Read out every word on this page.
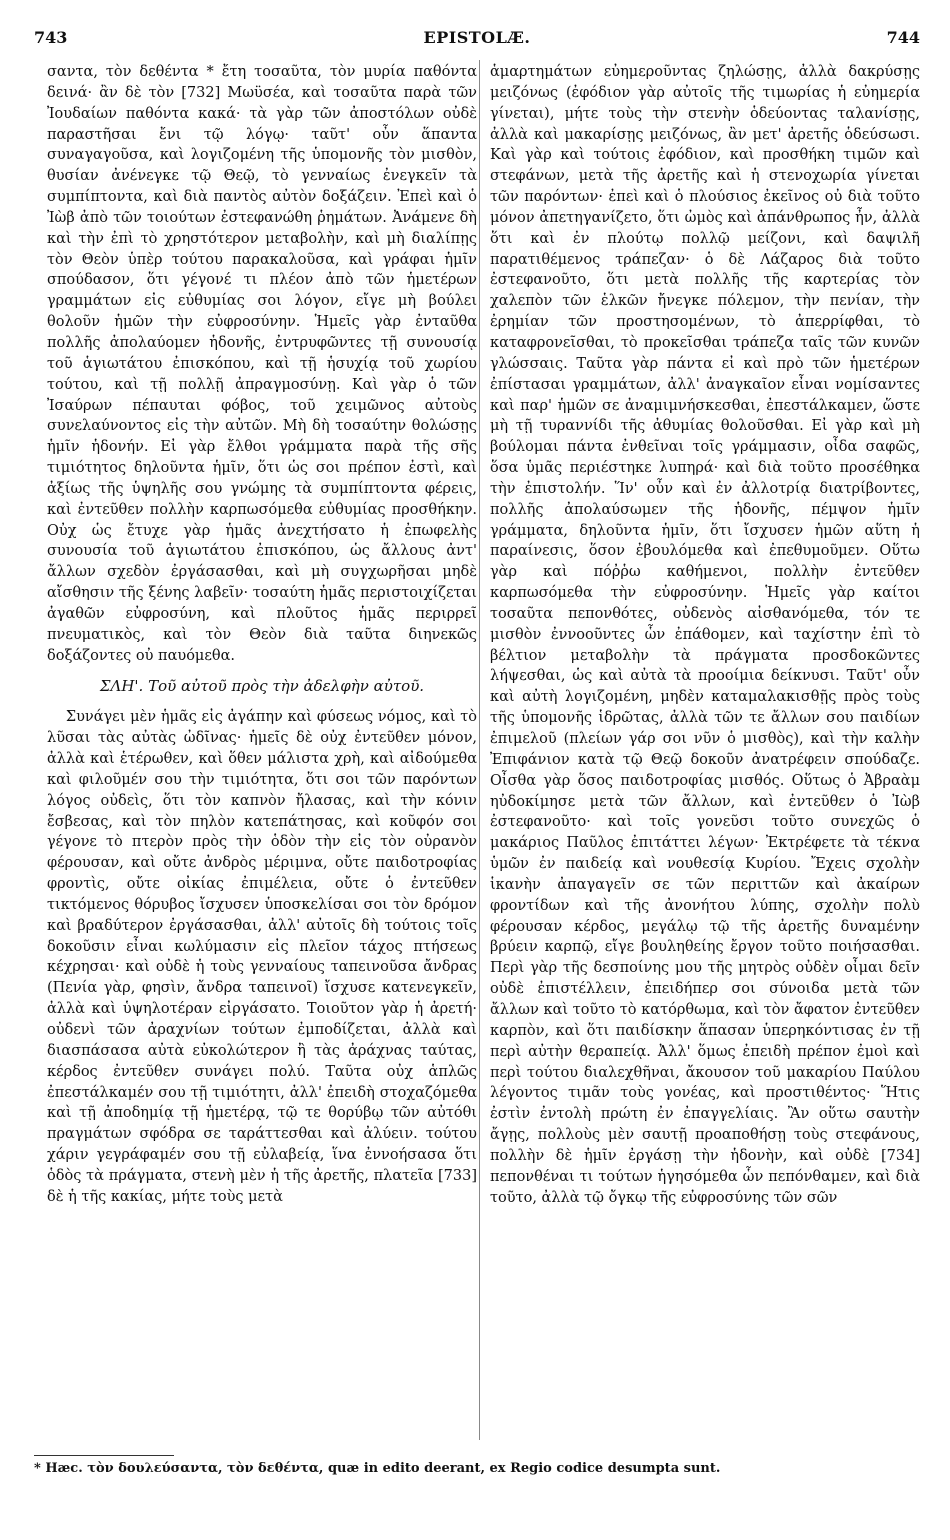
743	EPISTOLÆ.	744

σαντα, τὸν δεθέντα * ἔτη τοσαῦτα, τὸν μυρία παθόντα δεινά· ἂν δὲ τὸν [732] Μωϋσέα, καὶ τοσαῦτα παρὰ τῶν Ἰουδαίων παθόντα κακά· τὰ γὰρ τῶν ἀποστόλων οὐδὲ παραστῆσαι ἔνι τῷ λόγῳ· ταῦτ' οὖν ἅπαντα συναγαγοῦσα, καὶ λογιζομένη τῆς ὑπομονῆς τὸν μισθὸν, θυσίαν ἀνένεγκε τῷ Θεῷ, τὸ γενναίως ἐνεγκεῖν τὰ συμπίπτοντα, καὶ διὰ παντὸς αὐτὸν δοξάζειν. Ἐπεὶ καὶ ὁ Ἰὼβ ἀπὸ τῶν τοιούτων ἐστεφανώθη ῥημάτων. Ἀνάμενε δὴ καὶ τὴν ἐπὶ τὸ χρηστότερον μεταβολὴν, καὶ μὴ διαλίπῃς τὸν Θεὸν ὑπὲρ τούτου παρακαλοῦσα, καὶ γράφαι ἡμῖν σπούδασον, ὅτι γέγονέ τι πλέον ἀπὸ τῶν ἡμετέρων γραμμάτων εἰς εὐθυμίας σοι λόγον, εἴγε μὴ βούλει θολοῦν ἡμῶν τὴν εὐφροσύνην. Ἡμεῖς γὰρ ἐνταῦθα πολλῆς ἀπολαύομεν ἡδονῆς, ἐντρυφῶντες τῇ συνουσίᾳ τοῦ ἁγιωτάτου ἐπισκόπου, καὶ τῇ ἡσυχίᾳ τοῦ χωρίου τούτου, καὶ τῇ πολλῇ ἀπραγμοσύνῃ. Καὶ γὰρ ὁ τῶν Ἰσαύρων πέπαυται φόβος, τοῦ χειμῶνος αὐτοὺς συνελαύνοντος εἰς τὴν αὐτῶν. Μὴ δὴ τοσαύτην θολώσῃς ἡμῖν ἡδονήν. Εἰ γὰρ ἔλθοι γράμματα παρὰ τῆς σῆς τιμιότητος δηλοῦντα ἡμῖν, ὅτι ὡς σοι πρέπον ἐστὶ, καὶ ἀξίως τῆς ὑψηλῆς σου γνώμης τὰ συμπίπτοντα φέρεις, καὶ ἐντεῦθεν πολλὴν καρπωσόμεθα εὐθυμίας προσθήκην. Οὐχ ὡς ἔτυχε γὰρ ἡμᾶς ἀνεχτήσατο ἡ ἐπωφελὴς συνουσία τοῦ ἁγιωτάτου ἐπισκόπου, ὡς ἄλλους ἀντ' ἄλλων σχεδὸν ἐργάσασθαι, καὶ μὴ συγχωρῆσαι μηδὲ αἴσθησιν τῆς ξένης λαβεῖν· τοσαύτη ἡμᾶς περιστοιχίζεται ἀγαθῶν εὐφροσύνη, καὶ πλοῦτος ἡμᾶς περιρρεῖ πνευματικὸς, καὶ τὸν Θεὸν διὰ ταῦτα διηνεκῶς δοξάζοντες οὐ παυόμεθα.

ΣΛΗ'. Τοῦ αὐτοῦ πρὸς τὴν ἀδελφὴν αὐτοῦ.

Συνάγει μὲν ἡμᾶς εἰς ἀγάπην καὶ φύσεως νόμος, καὶ τὸ λῦσαι τὰς αὐτὰς ὠδῖνας· ἡμεῖς δὲ οὐχ ἐντεῦθεν μόνον, ἀλλὰ καὶ ἑτέρωθεν, καὶ ὅθεν μάλιστα χρὴ, καὶ αἰδούμεθα καὶ φιλοῦμέν σου τὴν τιμιότητα, ὅτι σοι τῶν παρόντων λόγος οὐδεὶς, ὅτι τὸν καπνὸν ἤλασας, καὶ τὴν κόνιν ἔσβεσας, καὶ τὸν πηλὸν κατεπάτησας, καὶ κοῦφόν σοι γέγονε τὸ πτερὸν πρὸς τὴν ὁδὸν τὴν εἰς τὸν οὐρανὸν φέρουσαν, καὶ οὔτε ἀνδρὸς μέριμνα, οὔτε παιδοτροφίας φροντὶς, οὔτε οἰκίας ἐπιμέλεια, οὔτε ὁ ἐντεῦθεν τικτόμενος θόρυβος ἴσχυσεν ὑποσκελίσαι σοι τὸν δρόμον καὶ βραδύτερον ἐργάσασθαι, ἀλλ' αὐτοῖς δὴ τούτοις τοῖς δοκοῦσιν εἶναι κωλύμασιν εἰς πλεῖον τάχος πτήσεως κέχρησαι· καὶ οὐδὲ ἡ τοὺς γενναίους ταπεινοῦσα ἄνδρας (Πενία γὰρ, φησὶν, ἄνδρα ταπεινοῖ) ἴσχυσε κατενεγκεῖν, ἀλλὰ καὶ ὑψηλοτέραν εἰργάσατο. Τοιοῦτον γὰρ ἡ ἀρετή· οὐδενὶ τῶν ἀραχνίων τούτων ἐμποδίζεται, ἀλλὰ καὶ διασπάσασα αὐτὰ εὐκολώτερον ἢ τὰς ἀράχνας ταύτας, κέρδος ἐντεῦθεν συνάγει πολύ. Ταῦτα οὐχ ἁπλῶς ἐπεστάλκαμέν σου τῇ τιμιότητι, ἀλλ' ἐπειδὴ στοχαζόμεθα καὶ τῇ ἀποδημίᾳ τῇ ἡμετέρᾳ, τῷ τε θορύβῳ τῶν αὐτόθι πραγμάτων σφόδρα σε ταράττεσθαι καὶ ἀλύειν. τούτου χάριν γεγράφαμέν σου τῇ εὐλαβείᾳ, ἵνα ἐννοήσασα ὅτι ὁδὸς τὰ πράγματα, στενὴ μὲν ἡ τῆς ἀρετῆς, πλατεῖα [733] δὲ ἡ τῆς κακίας, μήτε τοὺς μετὰ

ἁμαρτημάτων εὐημεροῦντας ζηλώσῃς, ἀλλὰ δακρύσῃς μειζόνως (ἐφόδιον γὰρ αὐτοῖς τῆς τιμωρίας ἡ εὐημερία γίνεται), μήτε τοὺς τὴν στενὴν ὁδεύοντας ταλανίσῃς, ἀλλὰ καὶ μακαρίσῃς μειζόνως, ἂν μετ' ἀρετῆς ὁδεύσωσι. Καὶ γὰρ καὶ τούτοις ἐφόδιον, καὶ προσθήκη τιμῶν καὶ στεφάνων, μετὰ τῆς ἀρετῆς καὶ ἡ στενοχωρία γίνεται τῶν παρόντων· ἐπεὶ καὶ ὁ πλούσιος ἐκεῖνος οὐ διὰ τοῦτο μόνον ἀπετηγανίζετο, ὅτι ὠμὸς καὶ ἀπάνθρωπος ἦν, ἀλλὰ ὅτι καὶ ἐν πλούτῳ πολλῷ μείζονι, καὶ δαψιλῆ παρατιθέμενος τράπεζαν· ὁ δὲ Λάζαρος διὰ τοῦτο ἐστεφανοῦτο, ὅτι μετὰ πολλῆς τῆς καρτερίας τὸν χαλεπὸν τῶν ἑλκῶν ἤνεγκε πόλεμον, τὴν πενίαν, τὴν ἐρημίαν τῶν προστησομένων, τὸ ἀπερρίφθαι, τὸ καταφρονεῖσθαι, τὸ προκεῖσθαι τράπεζα ταῖς τῶν κυνῶν γλώσσαις. Ταῦτα γὰρ πάντα εἰ καὶ πρὸ τῶν ἡμετέρων ἐπίστασαι γραμμάτων, ἀλλ' ἀναγκαῖον εἶναι νομίσαντες καὶ παρ' ἡμῶν σε ἀναμιμνήσκεσθαι, ἐπεστάλκαμεν, ὥστε μὴ τῇ τυραννίδι τῆς ἀθυμίας θολοῦσθαι. Εἰ γὰρ καὶ μὴ βούλομαι πάντα ἐνθεῖναι τοῖς γράμμασιν, οἶδα σαφῶς, ὅσα ὑμᾶς περιέστηκε λυπηρά· καὶ διὰ τοῦτο προσέθηκα τὴν ἐπιστολήν. Ἵν' οὖν καὶ ἐν ἀλλοτρίᾳ διατρίβοντες, πολλῆς ἀπολαύσωμεν τῆς ἡδονῆς, πέμψον ἡμῖν γράμματα, δηλοῦντα ἡμῖν, ὅτι ἴσχυσεν ἡμῶν αὕτη ἡ παραίνεσις, ὅσον ἐβουλόμεθα καὶ ἐπεθυμοῦμεν. Οὕτω γὰρ καὶ πόῤῥω καθήμενοι, πολλὴν ἐντεῦθεν καρπωσόμεθα τὴν εὐφροσύνην. Ἡμεῖς γὰρ καίτοι τοσαῦτα πεπονθότες, οὐδενὸς αἰσθανόμεθα, τόν τε μισθὸν ἐννοοῦντες ὧν ἐπάθομεν, καὶ ταχίστην ἐπὶ τὸ βέλτιον μεταβολὴν τὰ πράγματα προσδοκῶντες λήψεσθαι, ὡς καὶ αὐτὰ τὰ προοίμια δείκνυσι. Ταῦτ' οὖν καὶ αὐτὴ λογιζομένη, μηδὲν καταμαλακισθῇς πρὸς τοὺς τῆς ὑπομονῆς ἱδρῶτας, ἀλλὰ τῶν τε ἄλλων σου παιδίων ἐπιμελοῦ (πλείων γάρ σοι νῦν ὁ μισθὸς), καὶ τὴν καλὴν Ἐπιφάνιον κατὰ τῷ Θεῷ δοκοῦν ἀνατρέφειν σπούδαζε. Οἶσθα γὰρ ὅσος παιδοτροφίας μισθός. Οὕτως ὁ Ἀβραὰμ ηὐδοκίμησε μετὰ τῶν ἄλλων, καὶ ἐντεῦθεν ὁ Ἰὼβ ἐστεφανοῦτο· καὶ τοῖς γονεῦσι τοῦτο συνεχῶς ὁ μακάριος Παῦλος ἐπιτάττει λέγων· Ἐκτρέφετε τὰ τέκνα ὑμῶν ἐν παιδείᾳ καὶ νουθεσίᾳ Κυρίου. Ἔχεις σχολὴν ἱκανὴν ἀπαγαγεῖν σε τῶν περιττῶν καὶ ἀκαίρων φροντίδων καὶ τῆς ἀνονήτου λύπης, σχολὴν πολὺ φέρουσαν κέρδος, μεγάλῳ τῷ τῆς ἀρετῆς δυναμένην βρύειν καρπῷ, εἴγε βουληθείης ἔργον τοῦτο ποιήσασθαι. Περὶ γὰρ τῆς δεσποίνης μου τῆς μητρὸς οὐδὲν οἶμαι δεῖν οὐδὲ ἐπιστέλλειν, ἐπειδήπερ σοι σύνοιδα μετὰ τῶν ἄλλων καὶ τοῦτο τὸ κατόρθωμα, καὶ τὸν ἄφατον ἐντεῦθεν καρπὸν, καὶ ὅτι παιδίσκην ἅπασαν ὑπερηκόντισας ἐν τῇ περὶ αὐτὴν θεραπείᾳ. Ἀλλ' ὅμως ἐπειδὴ πρέπον ἐμοὶ καὶ περὶ τούτου διαλεχθῆναι, ἄκουσον τοῦ μακαρίου Παύλου λέγοντος τιμᾶν τοὺς γονέας, καὶ προστιθέντος· Ἥτις ἐστὶν ἐντολὴ πρώτη ἐν ἐπαγγελίαις. Ἂν οὕτω σαυτὴν ἄγῃς, πολλοὺς μὲν σαυτῇ προαποθήσῃ τοὺς στεφάνους, πολλὴν δὲ ἡμῖν ἐργάσῃ τὴν ἡδονὴν, καὶ οὐδὲ [734] πεπονθέναι τι τούτων ἡγησόμεθα ὧν πεπόνθαμεν, καὶ διὰ τοῦτο, ἀλλὰ τῷ ὄγκῳ τῆς εὐφροσύνης τῶν σῶν

* Hæc. τὸν δουλεύσαντα, τὸν δεθέντα, quæ in edito deerant, ex Regio codice desumpta sunt.
